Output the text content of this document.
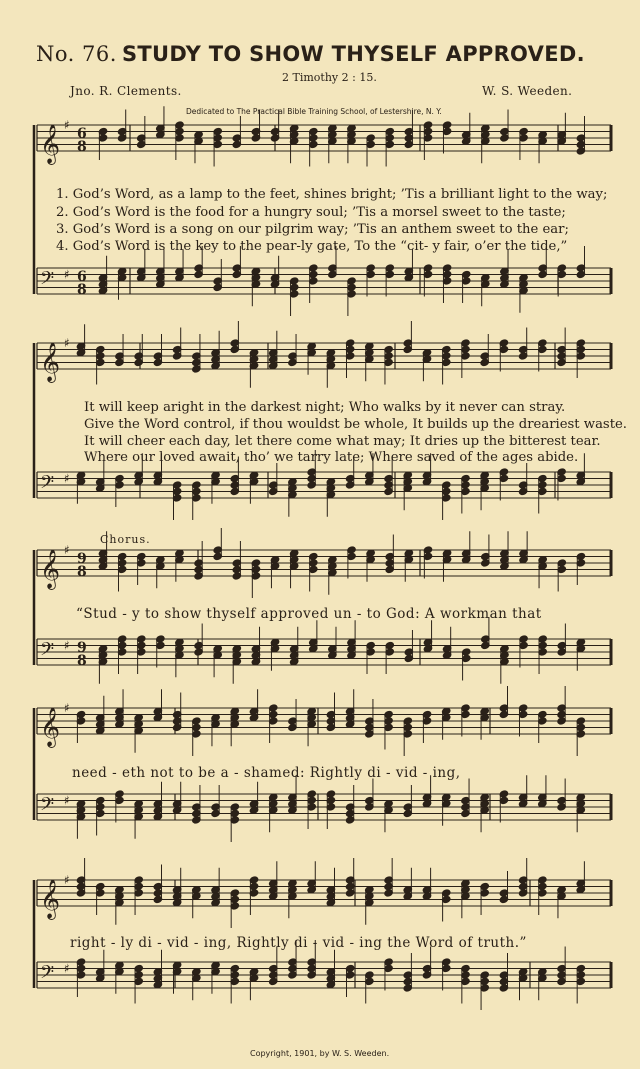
No. 76. STUDY TO SHOW THYSELF APPROVED.
2 Timothy 2 : 15.
Jno. R. Clements.	W. S. Weeden.
Dedicated to The Practical Bible Training School, of Lestershire, N. Y.
𝄞 ♯
6
8
𝄢 ♯ 6
8
𝄞 ♯
𝄢 ♯
𝄞 ♯
9
8
𝄢 ♯ 9
8
𝄞 ♯
𝄢 ♯
𝄞 ♯
𝄢 ♯
1. God’s Word, as a lamp to the feet, shines bright; ’Tis a brilliant light to the way;
2. God’s Word is the food for a hungry soul; ’Tis a morsel sweet to the taste;
3. God’s Word is a song on our pilgrim way; ’Tis an anthem sweet to the ear;
4. God’s Word is the key to the pear-ly gate, To the “cit- y fair, o’er the tide,”
It will keep aright in the darkest night; Who walks by it never can stray.
Give the Word control, if thou wouldst be whole, It builds up the dreariest waste.
It will cheer each day, let there come what may; It dries up the bitterest tear.
Where our loved await, tho’ we tarry late; Where saved of the ages abide.
Chorus.
“Stud - y to show thyself approved un - to God: A workman that
need - eth not to be a - shamed: Rightly di - vid - ing,
right - ly di - vid - ing, Rightly di - vid - ing the Word of truth.”
Copyright, 1901, by W. S. Weeden.
